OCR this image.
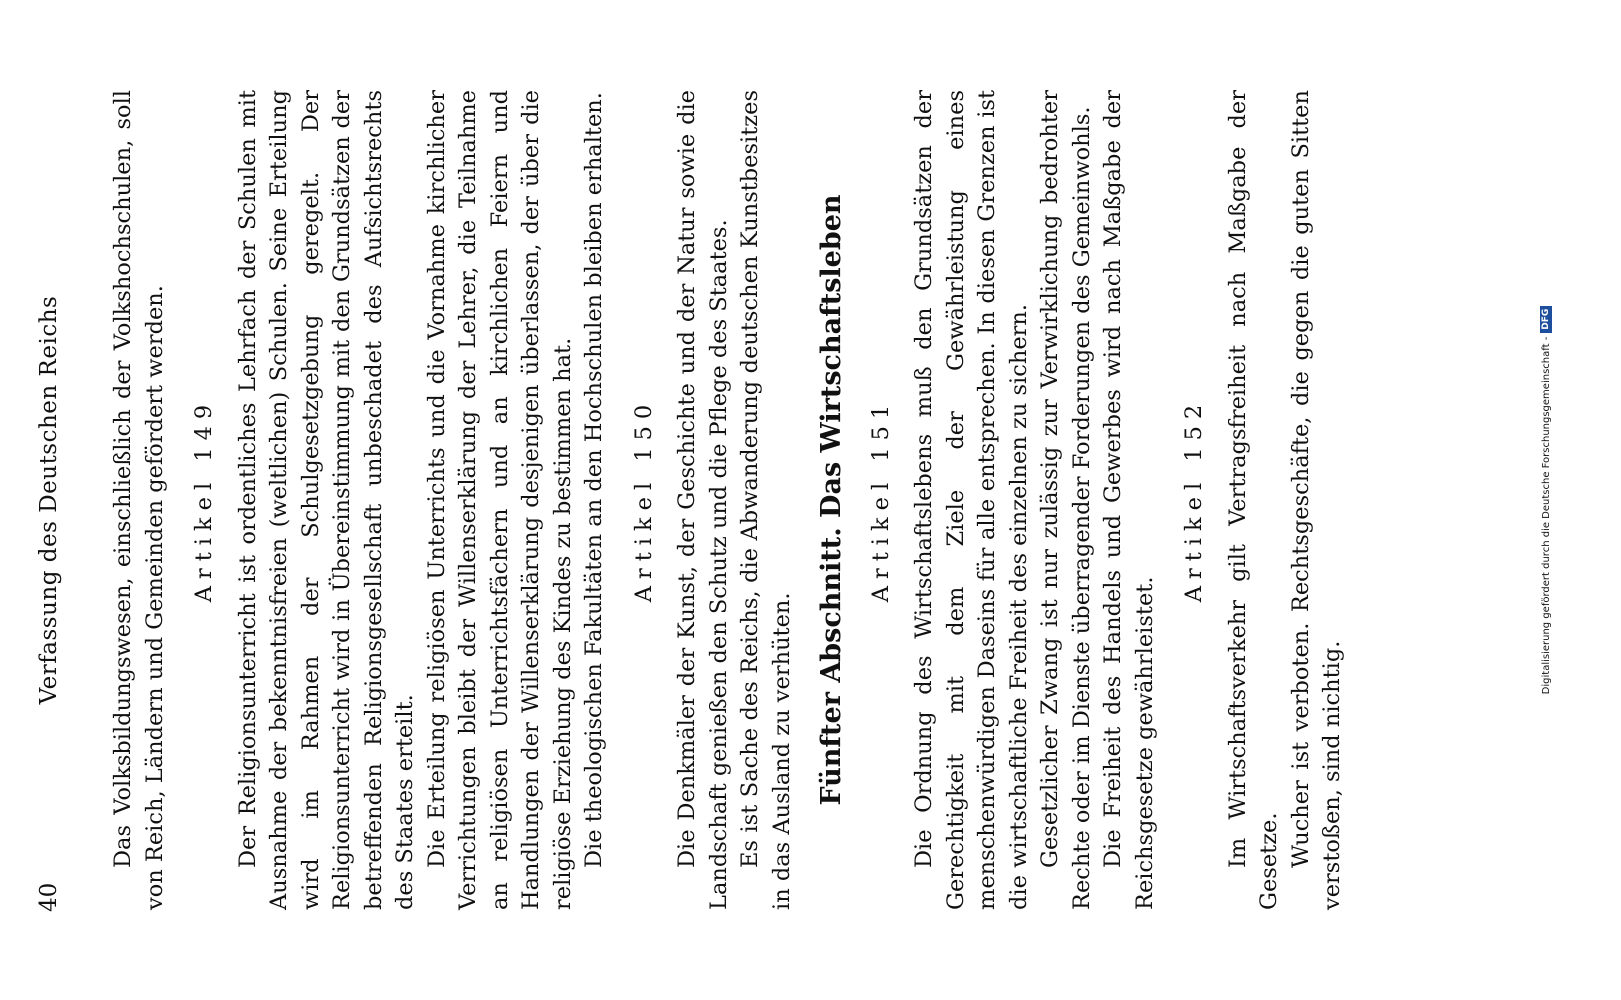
40
Verfassung des Deutschen Reichs Das Volksbildungswesen, einschließlich der Volkshochschulen, soll von Reich, Ländern und Gemeinden gefördert werden. Artikel 149 Der Religionsunterricht ist ordentliches Lehrfach der Schulen mit Ausnahme der bekenntnisfreien (weltlichen) Schulen. Seine Erteilung wird im Rahmen der Schulgesetzgebung geregelt. Der Religionsunterricht wird in Übereinstimmung mit den Grundsätzen der betreffenden Religionsgesellschaft unbeschadet des Aufsichtsrechts des Staates erteilt. Die Erteilung religiösen Unterrichts und die Vornahme kirchlicher Verrichtungen bleibt der Willenserklärung der Lehrer, die Teilnahme an religiösen Unterrichtsfächern und an kirchlichen Feiern und Handlungen der Willenserklärung desjenigen überlassen, der über die religiöse Erziehung des Kindes zu bestimmen hat. Die theologischen Fakultäten an den Hochschulen bleiben erhalten. Artikel 150 Die Denkmäler der Kunst, der Geschichte und der Natur sowie die Landschaft genießen den Schutz und die Pflege des Staates. Es ist Sache des Reichs, die Abwanderung deutschen Kunstbesitzes in das Ausland zu verhüten. Fünfter Abschnitt. Das Wirtschaftsleben Artikel 151 Die Ordnung des Wirtschaftslebens muß den Grundsätzen der Gerechtigkeit mit dem Ziele der Gewährleistung eines menschenwürdigen Daseins für alle entsprechen. In diesen Grenzen ist die wirtschaftliche Freiheit des einzelnen zu sichern. Gesetzlicher Zwang ist nur zulässig zur Verwirklichung bedrohter Rechte oder im Dienste überragender Forderungen des Gemeinwohls. Die Freiheit des Handels und Gewerbes wird nach Maßgabe der Reichsgesetze gewährleistet.

Artikel 152 Im Wirtschaftsverkehr gilt Vertragsfreiheit nach Maßgabe der Gesetze. Wucher ist verboten. Rechtsgeschäfte, die gegen die guten Sitten verstoßen, sind nichtig.

Digitalisierung gefördert durch die Deutsche Forschungsgemeinschaft -DFG
